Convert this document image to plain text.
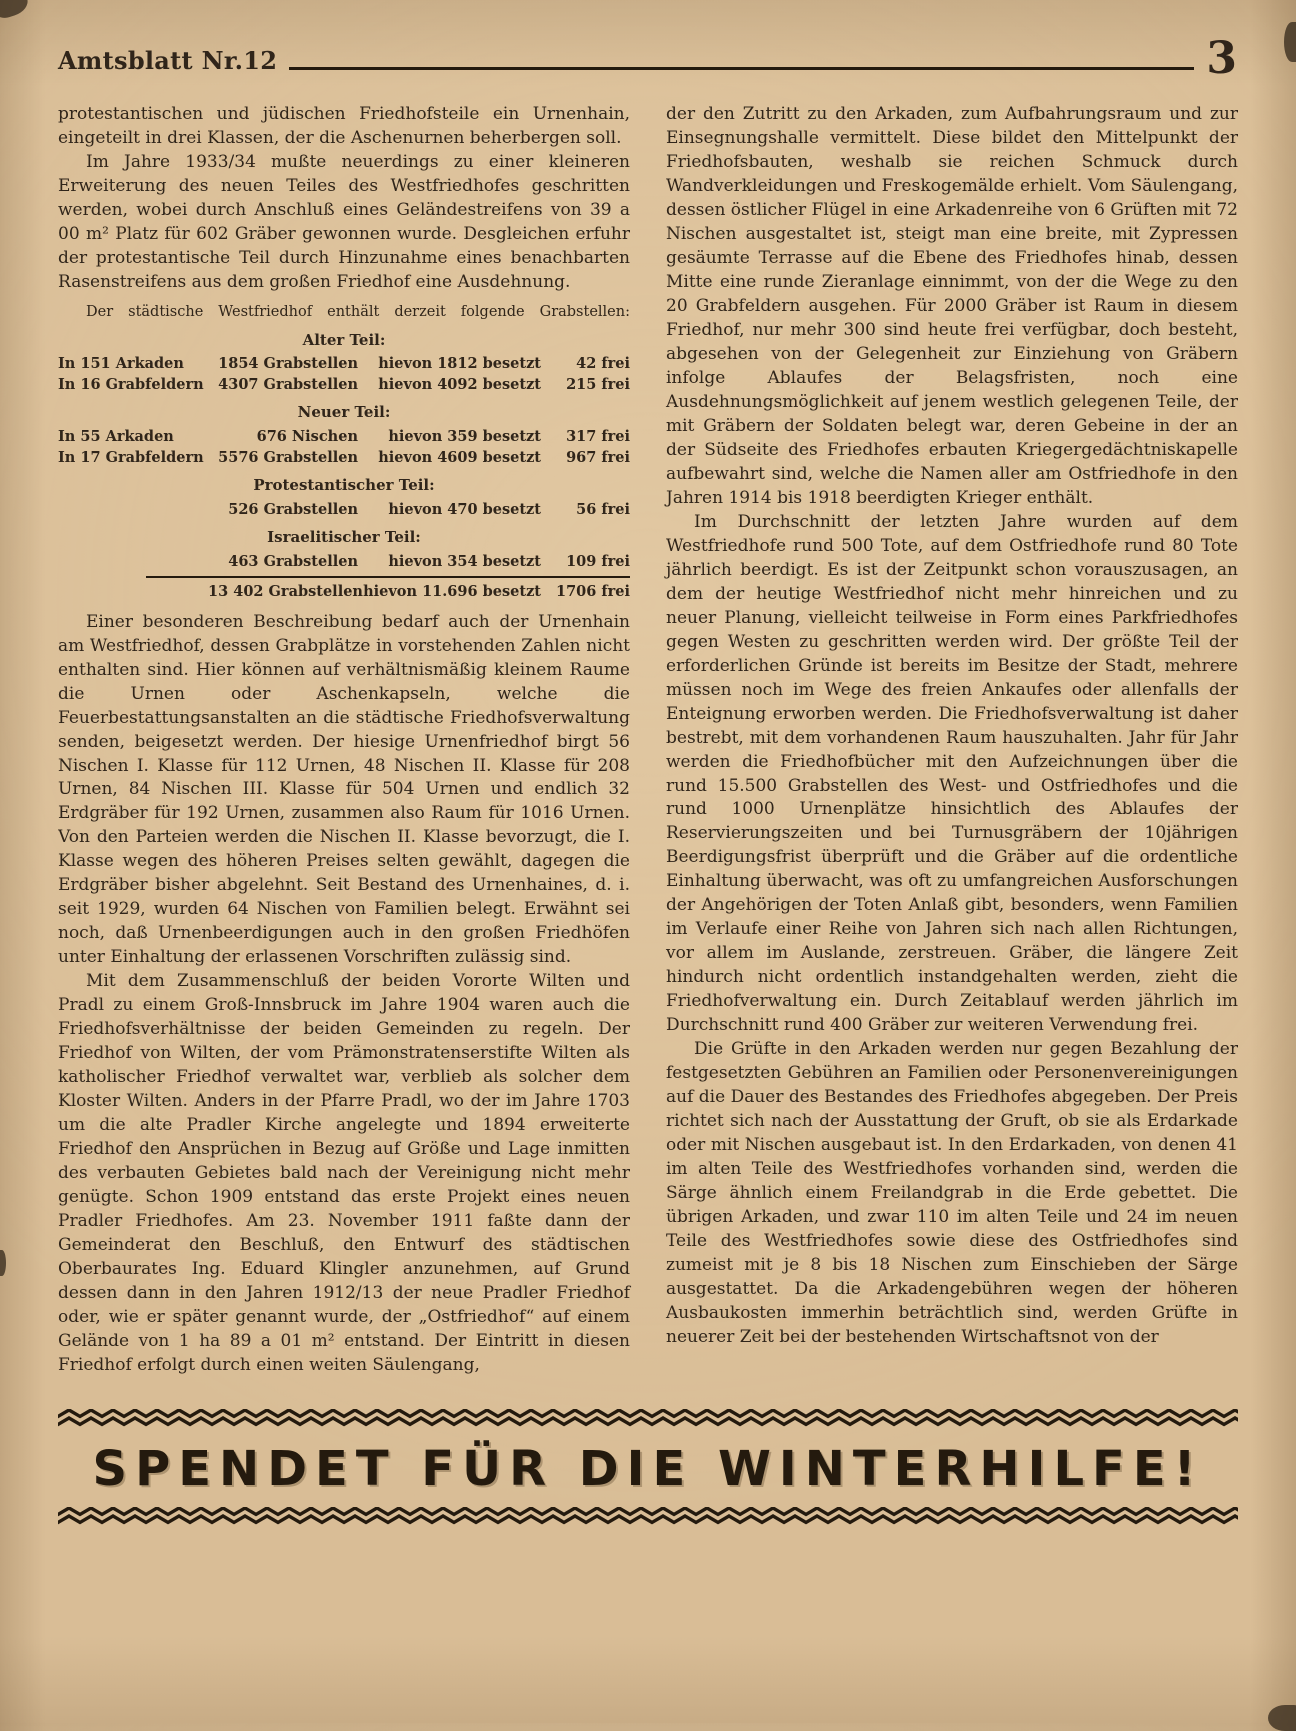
Amtsblatt Nr.12	3

protestantischen und jüdischen Friedhofsteile ein Urnenhain, eingeteilt in drei Klassen, der die Aschenurnen beherbergen soll.

Im Jahre 1933/34 mußte neuerdings zu einer kleineren Erweiterung des neuen Teiles des Westfriedhofes geschritten werden, wobei durch Anschluß eines Geländestreifens von 39 a 00 m² Platz für 602 Gräber gewonnen wurde. Desgleichen erfuhr der protestantische Teil durch Hinzunahme eines benachbarten Rasenstreifens aus dem großen Friedhof eine Ausdehnung.

Der städtische Westfriedhof enthält derzeit folgende Grabstellen:

Alter Teil:
In 151 Arkaden	1854 Grabstellen	hievon 1812 besetzt	42 frei
In 16 Grabfeldern 4307 Grabstellen	hievon 4092 besetzt	215 frei
Neuer Teil:
In 55 Arkaden	676 Nischen	hievon 359 besetzt	317 frei
In 17 Grabfeldern 5576 Grabstellen	hievon 4609 besetzt	967 frei
Protestantischer Teil:
526 Grabstellen	hievon 470 besetzt	56 frei
Israelitischer Teil:
463 Grabstellen	hievon 354 besetzt	109 frei
13 402 Grabstellen hievon 11.696 besetzt	1706 frei

Einer besonderen Beschreibung bedarf auch der Urnenhain am Westfriedhof, dessen Grabplätze in vorstehenden Zahlen nicht enthalten sind. Hier können auf verhältnismäßig kleinem Raume die Urnen oder Aschenkapseln, welche die Feuerbestattungsanstalten an die städtische Friedhofsverwaltung senden, beigesetzt werden. Der hiesige Urnenfriedhof birgt 56 Nischen I. Klasse für 112 Urnen, 48 Nischen II. Klasse für 208 Urnen, 84 Nischen III. Klasse für 504 Urnen und endlich 32 Erdgräber für 192 Urnen, zusammen also Raum für 1016 Urnen. Von den Parteien werden die Nischen II. Klasse bevorzugt, die I. Klasse wegen des höheren Preises selten gewählt, dagegen die Erdgräber bisher abgelehnt. Seit Bestand des Urnenhaines, d. i. seit 1929, wurden 64 Nischen von Familien belegt. Erwähnt sei noch, daß Urnenbeerdigungen auch in den großen Friedhöfen unter Einhaltung der erlassenen Vorschriften zulässig sind.

Mit dem Zusammenschluß der beiden Vororte Wilten und Pradl zu einem Groß-Innsbruck im Jahre 1904 waren auch die Friedhofsverhältnisse der beiden Gemeinden zu regeln. Der Friedhof von Wilten, der vom Prämonstratenserstifte Wilten als katholischer Friedhof verwaltet war, verblieb als solcher dem Kloster Wilten. Anders in der Pfarre Pradl, wo der im Jahre 1703 um die alte Pradler Kirche angelegte und 1894 erweiterte Friedhof den Ansprüchen in Bezug auf Größe und Lage inmitten des verbauten Gebietes bald nach der Vereinigung nicht mehr genügte. Schon 1909 entstand das erste Projekt eines neuen Pradler Friedhofes. Am 23. November 1911 faßte dann der Gemeinderat den Beschluß, den Entwurf des städtischen Oberbaurates Ing. Eduard Klingler anzunehmen, auf Grund dessen dann in den Jahren 1912/13 der neue Pradler Friedhof oder, wie er später genannt wurde, der „Ostfriedhof“ auf einem Gelände von 1 ha 89 a 01 m² entstand. Der Eintritt in diesen Friedhof erfolgt durch einen weiten Säulengang,

der den Zutritt zu den Arkaden, zum Aufbahrungsraum und zur Einsegnungshalle vermittelt. Diese bildet den Mittelpunkt der Friedhofsbauten, weshalb sie reichen Schmuck durch Wandverkleidungen und Freskogemälde erhielt. Vom Säulengang, dessen östlicher Flügel in eine Arkadenreihe von 6 Grüften mit 72 Nischen ausgestaltet ist, steigt man eine breite, mit Zypressen gesäumte Terrasse auf die Ebene des Friedhofes hinab, dessen Mitte eine runde Zieranlage einnimmt, von der die Wege zu den 20 Grabfeldern ausgehen. Für 2000 Gräber ist Raum in diesem Friedhof, nur mehr 300 sind heute frei verfügbar, doch besteht, abgesehen von der Gelegenheit zur Einziehung von Gräbern infolge Ablaufes der Belagsfristen, noch eine Ausdehnungsmöglichkeit auf jenem westlich gelegenen Teile, der mit Gräbern der Soldaten belegt war, deren Gebeine in der an der Südseite des Friedhofes erbauten Kriegergedächtniskapelle aufbewahrt sind, welche die Namen aller am Ostfriedhofe in den Jahren 1914 bis 1918 beerdigten Krieger enthält.

Im Durchschnitt der letzten Jahre wurden auf dem Westfriedhofe rund 500 Tote, auf dem Ostfriedhofe rund 80 Tote jährlich beerdigt. Es ist der Zeitpunkt schon vorauszusagen, an dem der heutige Westfriedhof nicht mehr hinreichen und zu neuer Planung, vielleicht teilweise in Form eines Parkfriedhofes gegen Westen zu geschritten werden wird. Der größte Teil der erforderlichen Gründe ist bereits im Besitze der Stadt, mehrere müssen noch im Wege des freien Ankaufes oder allenfalls der Enteignung erworben werden. Die Friedhofsverwaltung ist daher bestrebt, mit dem vorhandenen Raum hauszuhalten. Jahr für Jahr werden die Friedhofbücher mit den Aufzeichnungen über die rund 15.500 Grabstellen des West- und Ostfriedhofes und die rund 1000 Urnenplätze hinsichtlich des Ablaufes der Reservierungszeiten und bei Turnusgräbern der 10jährigen Beerdigungsfrist überprüft und die Gräber auf die ordentliche Einhaltung überwacht, was oft zu umfangreichen Ausforschungen der Angehörigen der Toten Anlaß gibt, besonders, wenn Familien im Verlaufe einer Reihe von Jahren sich nach allen Richtungen, vor allem im Auslande, zerstreuen. Gräber, die längere Zeit hindurch nicht ordentlich instandgehalten werden, zieht die Friedhofverwaltung ein. Durch Zeitablauf werden jährlich im Durchschnitt rund 400 Gräber zur weiteren Verwendung frei.

Die Grüfte in den Arkaden werden nur gegen Bezahlung der festgesetzten Gebühren an Familien oder Personenvereinigungen auf die Dauer des Bestandes des Friedhofes abgegeben. Der Preis richtet sich nach der Ausstattung der Gruft, ob sie als Erdarkade oder mit Nischen ausgebaut ist. In den Erdarkaden, von denen 41 im alten Teile des Westfriedhofes vorhanden sind, werden die Särge ähnlich einem Freilandgrab in die Erde gebettet. Die übrigen Arkaden, und zwar 110 im alten Teile und 24 im neuen Teile des Westfriedhofes sowie diese des Ostfriedhofes sind zumeist mit je 8 bis 18 Nischen zum Einschieben der Särge ausgestattet. Da die Arkadengebühren wegen der höheren Ausbaukosten immerhin beträchtlich sind, werden Grüfte in neuerer Zeit bei der bestehenden Wirtschaftsnot von der

SPENDET FÜR DIE WINTERHILFE!
